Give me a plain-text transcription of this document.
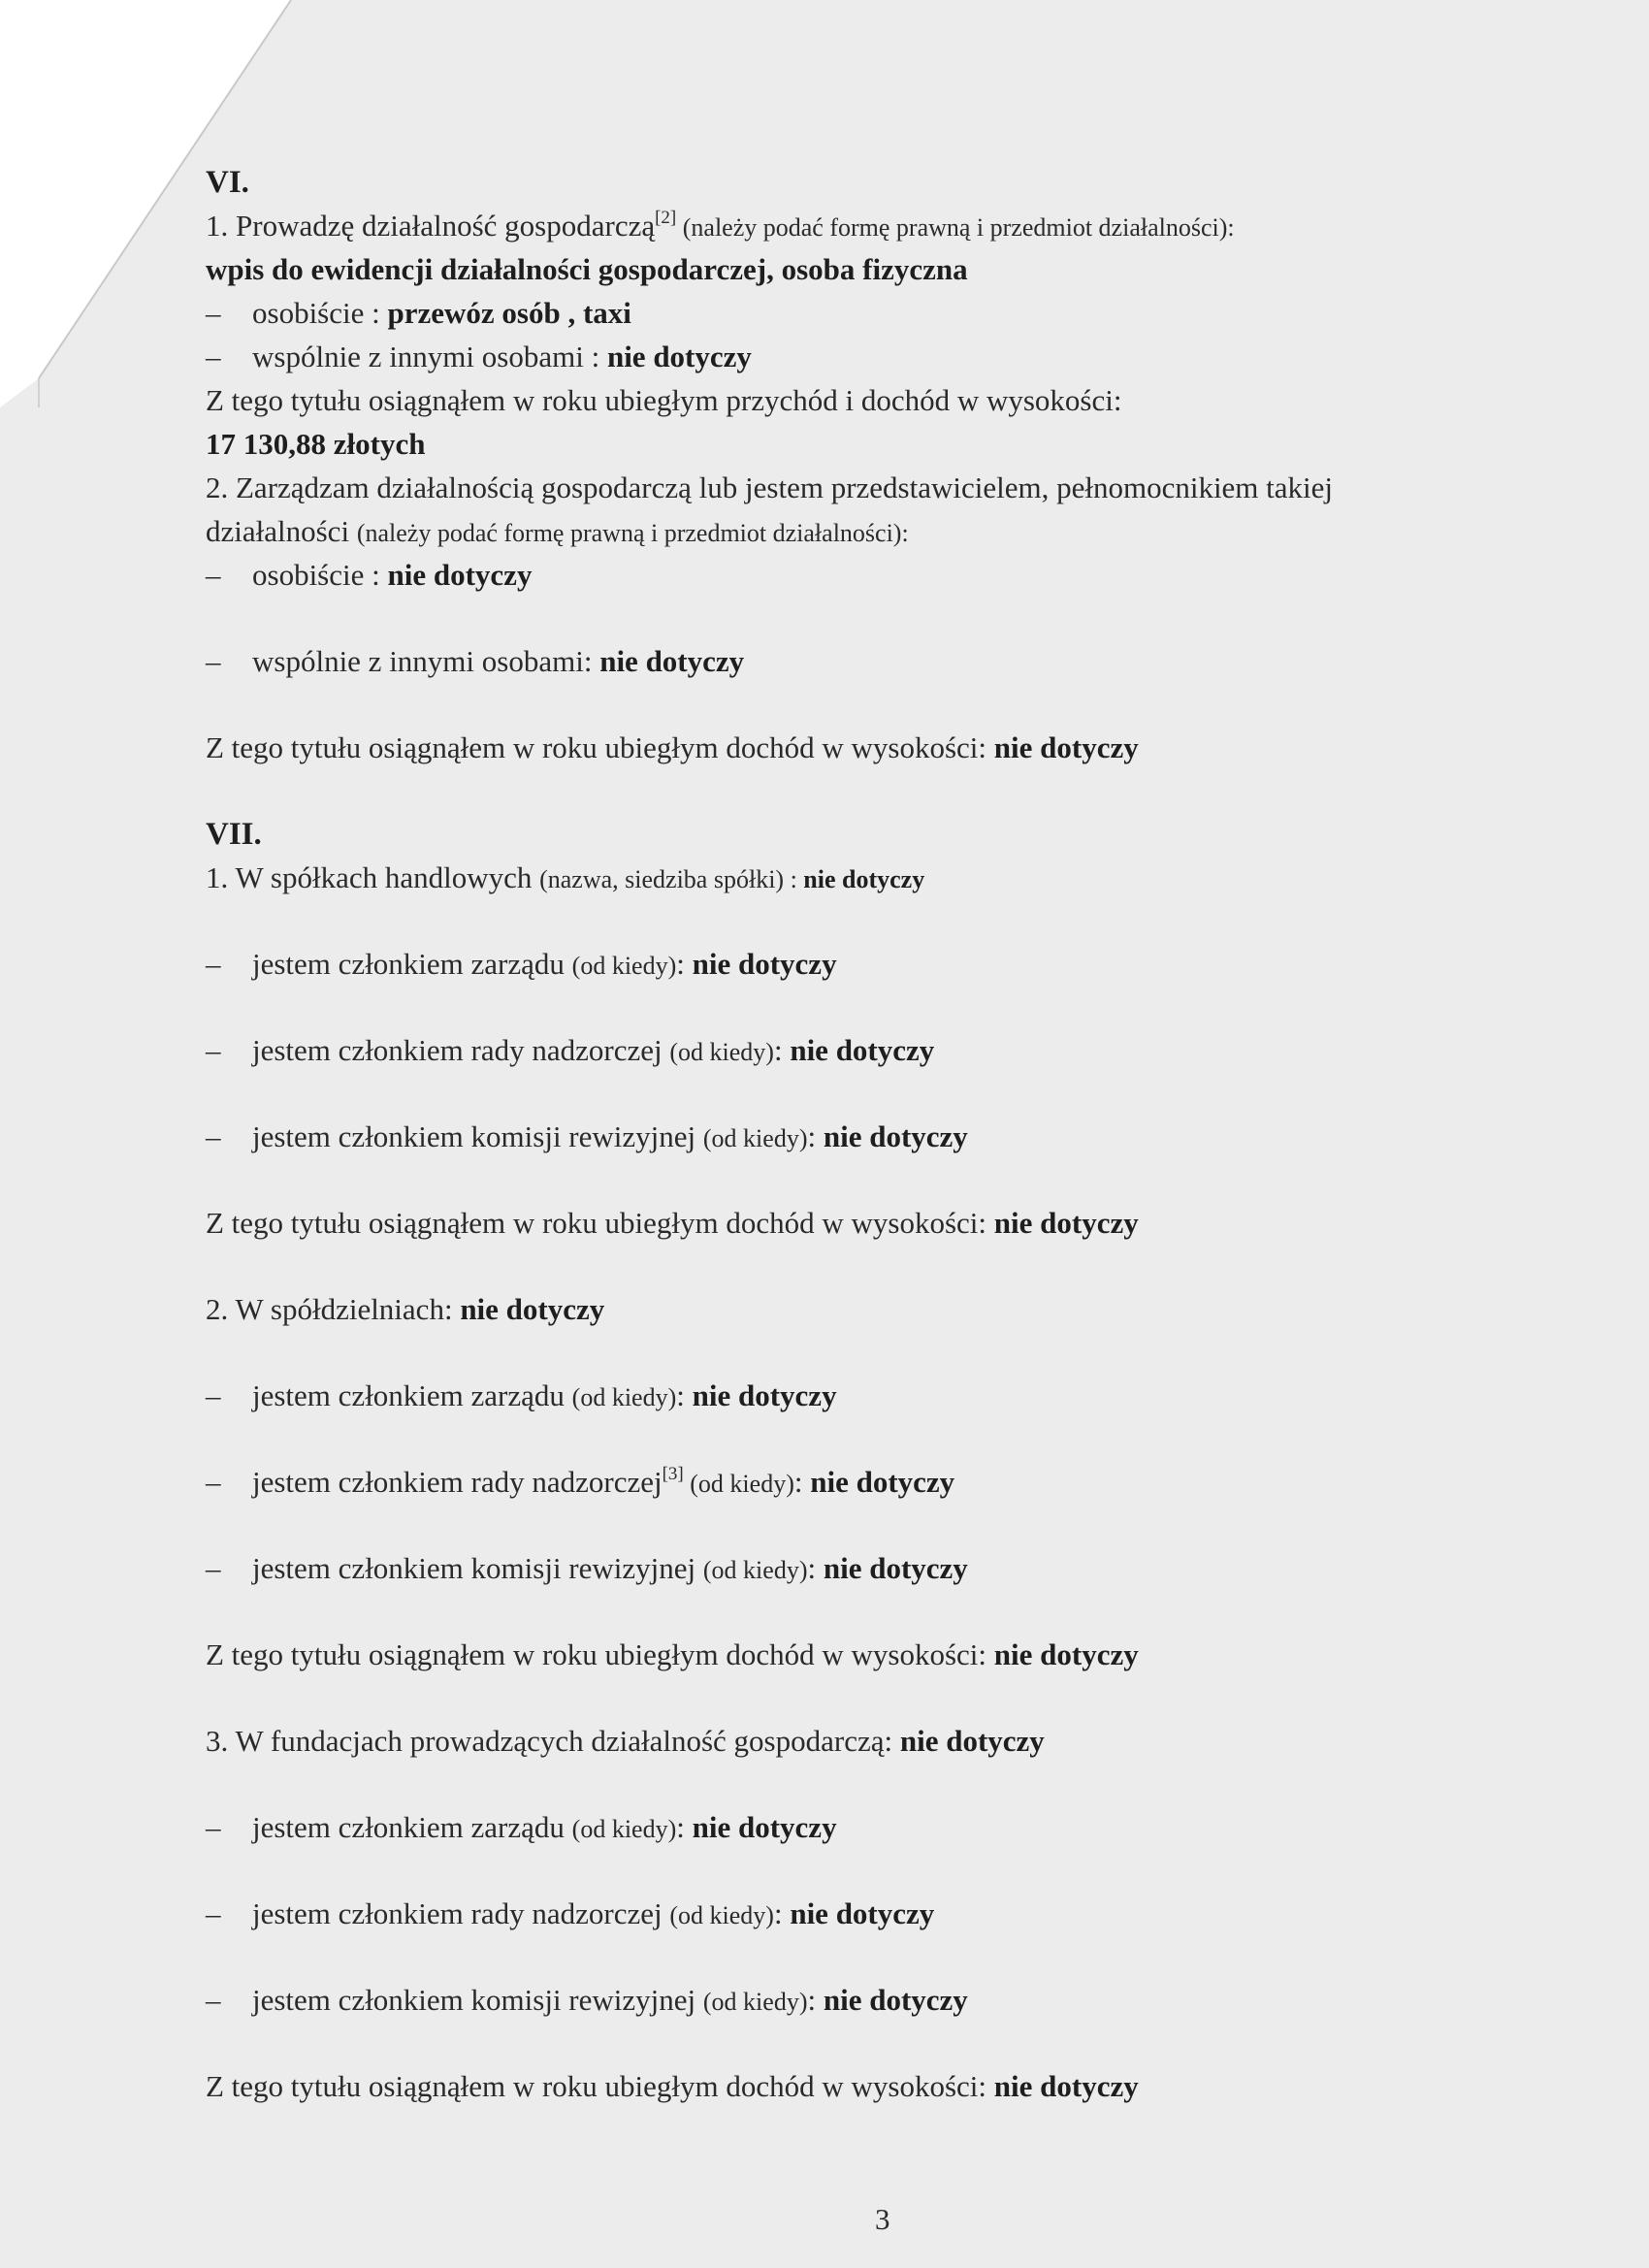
VI.
1. Prowadzę działalność gospodarczą[2] (należy podać formę prawną i przedmiot działalności):
wpis do ewidencji działalności gospodarczej, osoba fizyczna
– osobiście : przewóz osób , taxi
– wspólnie z innymi osobami : nie dotyczy
Z tego tytułu osiągnąłem w roku ubiegłym przychód i dochód w wysokości:
17 130,88 złotych
2. Zarządzam działalnością gospodarczą lub jestem przedstawicielem, pełnomocnikiem takiej
działalności (należy podać formę prawną i przedmiot działalności):
– osobiście : nie dotyczy
– wspólnie z innymi osobami: nie dotyczy
Z tego tytułu osiągnąłem w roku ubiegłym dochód w wysokości: nie dotyczy
VII.
1. W spółkach handlowych (nazwa, siedziba spółki) : nie dotyczy
– jestem członkiem zarządu (od kiedy): nie dotyczy
– jestem członkiem rady nadzorczej (od kiedy): nie dotyczy
– jestem członkiem komisji rewizyjnej (od kiedy): nie dotyczy
Z tego tytułu osiągnąłem w roku ubiegłym dochód w wysokości: nie dotyczy
2. W spółdzielniach: nie dotyczy
– jestem członkiem zarządu (od kiedy): nie dotyczy
– jestem członkiem rady nadzorczej[3] (od kiedy): nie dotyczy
– jestem członkiem komisji rewizyjnej (od kiedy): nie dotyczy
Z tego tytułu osiągnąłem w roku ubiegłym dochód w wysokości: nie dotyczy
3. W fundacjach prowadzących działalność gospodarczą: nie dotyczy
– jestem członkiem zarządu (od kiedy): nie dotyczy
– jestem członkiem rady nadzorczej (od kiedy): nie dotyczy
– jestem członkiem komisji rewizyjnej (od kiedy): nie dotyczy
Z tego tytułu osiągnąłem w roku ubiegłym dochód w wysokości: nie dotyczy
3
